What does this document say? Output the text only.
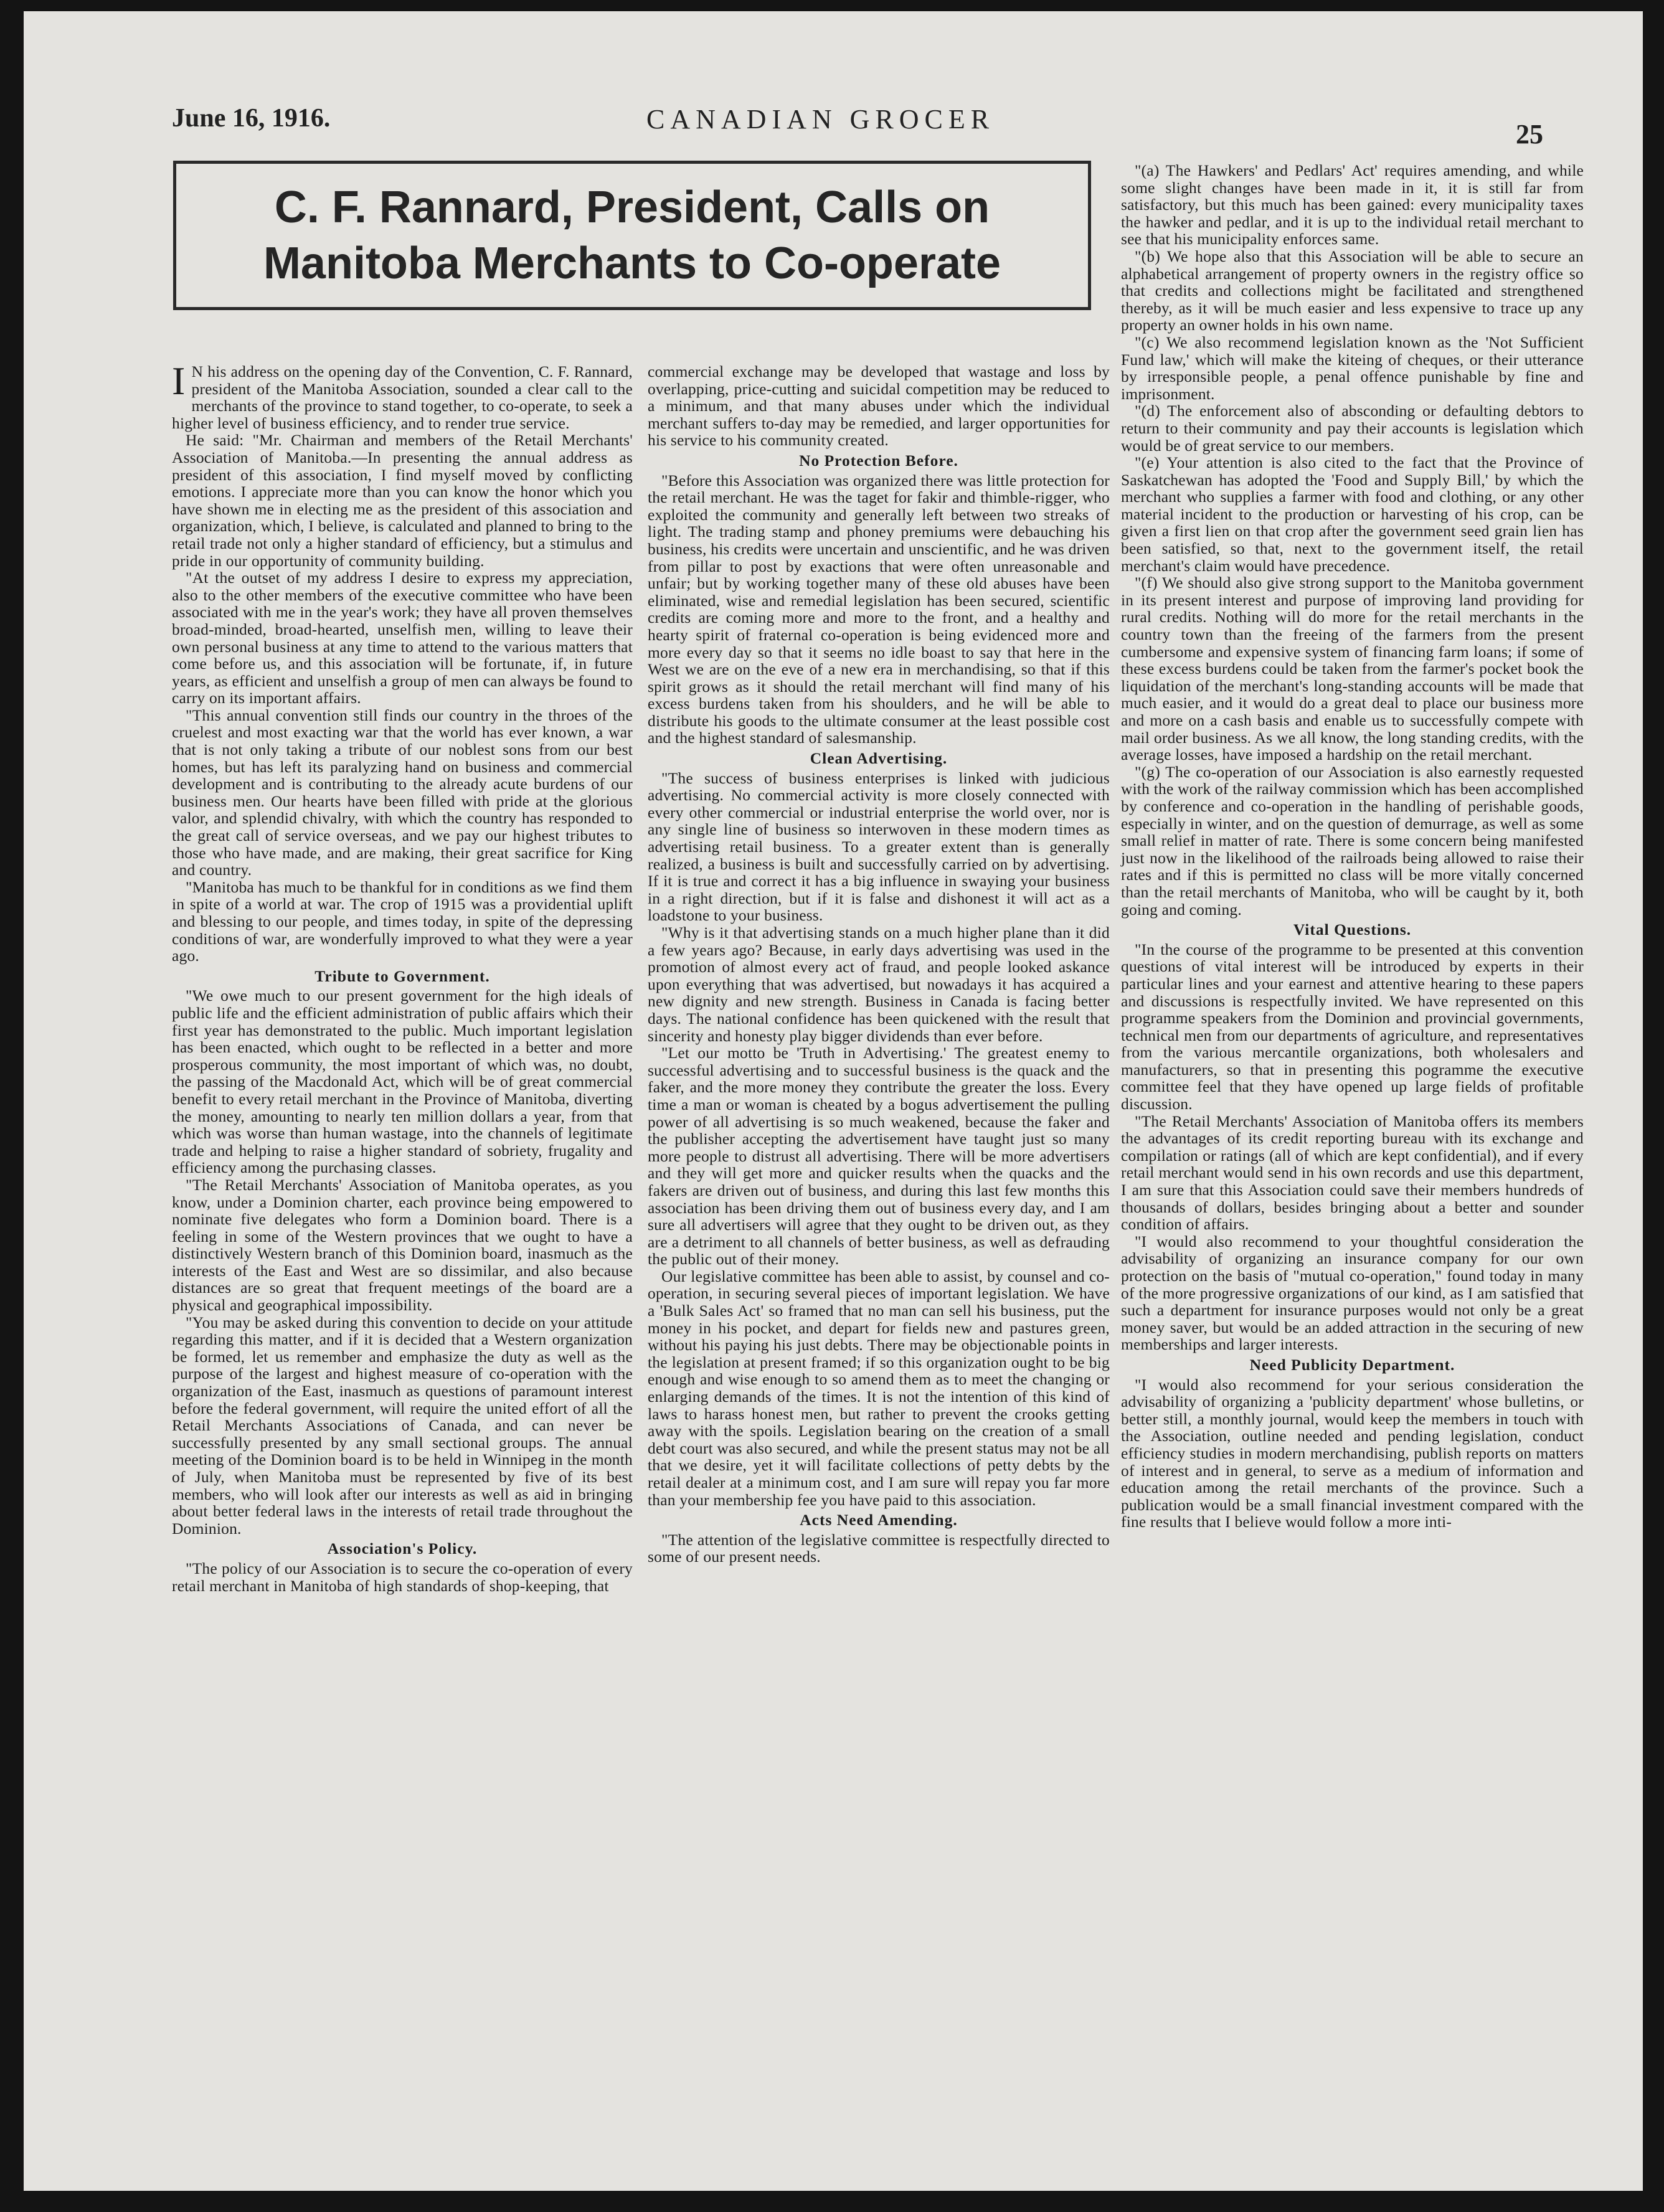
June 16, 1916.	CANADIAN GROCER	25
C. F. Rannard, President, Calls on
Manitoba Merchants to Co-operate

I N his address on the opening day of the Convention, C. F. Rannard, president of the Manitoba Association, sounded a clear call to the merchants of the province to stand together, to co-operate, to seek a higher level of business efficiency, and to render true service.

He said: "Mr. Chairman and members of the Retail Merchants' Association of Manitoba.—In presenting the annual address as president of this association, I find myself moved by conflicting emotions. I appreciate more than you can know the honor which you have shown me in electing me as the president of this association and organization, which, I believe, is calculated and planned to bring to the retail trade not only a higher standard of efficiency, but a stimulus and pride in our opportunity of community building.

"At the outset of my address I desire to express my appreciation, also to the other members of the executive committee who have been associated with me in the year's work; they have all proven themselves broad-minded, broad-hearted, unselfish men, willing to leave their own personal business at any time to attend to the various matters that come before us, and this association will be fortunate, if, in future years, as efficient and unselfish a group of men can always be found to carry on its important affairs.

"This annual convention still finds our country in the throes of the cruelest and most exacting war that the world has ever known, a war that is not only taking a tribute of our noblest sons from our best homes, but has left its paralyzing hand on business and commercial development and is contributing to the already acute burdens of our business men. Our hearts have been filled with pride at the glorious valor, and splendid chivalry, with which the country has responded to the great call of service overseas, and we pay our highest tributes to those who have made, and are making, their great sacrifice for King and country.

"Manitoba has much to be thankful for in conditions as we find them in spite of a world at war. The crop of 1915 was a providential uplift and blessing to our people, and times today, in spite of the depressing conditions of war, are wonderfully improved to what they were a year ago.

Tribute to Government.

"We owe much to our present government for the high ideals of public life and the efficient administration of public affairs which their first year has demonstrated to the public. Much important legislation has been enacted, which ought to be reflected in a better and more prosperous community, the most important of which was, no doubt, the passing of the Macdonald Act, which will be of great commercial benefit to every retail merchant in the Province of Manitoba, diverting the money, amounting to nearly ten million dollars a year, from that which was worse than human wastage, into the channels of legitimate trade and helping to raise a higher standard of sobriety, frugality and efficiency among the purchasing classes.

"The Retail Merchants' Association of Manitoba operates, as you know, under a Dominion charter, each province being empowered to nominate five delegates who form a Dominion board. There is a feeling in some of the Western provinces that we ought to have a distinctively Western branch of this Dominion board, inasmuch as the interests of the East and West are so dissimilar, and also because distances are so great that frequent meetings of the board are a physical and geographical impossibility.

"You may be asked during this convention to decide on your attitude regarding this matter, and if it is decided that a Western organization be formed, let us remember and emphasize the duty as well as the purpose of the largest and highest measure of co-operation with the organization of the East, inasmuch as questions of paramount interest before the federal government, will require the united effort of all the Retail Merchants Associations of Canada, and can never be successfully presented by any small sectional groups. The annual meeting of the Dominion board is to be held in Winnipeg in the month of July, when Manitoba must be represented by five of its best members, who will look after our interests as well as aid in bringing about better federal laws in the interests of retail trade throughout the Dominion.

Association's Policy.

"The policy of our Association is to secure the co-operation of every retail merchant in Manitoba of high standards of shop-keeping, that

commercial exchange may be developed that wastage and loss by overlapping, price-cutting and suicidal competition may be reduced to a minimum, and that many abuses under which the individual merchant suffers to-day may be remedied, and larger opportunities for his service to his community created.

No Protection Before.

"Before this Association was organized there was little protection for the retail merchant. He was the taget for fakir and thimble-rigger, who exploited the community and generally left between two streaks of light. The trading stamp and phoney premiums were debauching his business, his credits were uncertain and unscientific, and he was driven from pillar to post by exactions that were often unreasonable and unfair; but by working together many of these old abuses have been eliminated, wise and remedial legislation has been secured, scientific credits are coming more and more to the front, and a healthy and hearty spirit of fraternal co-operation is being evidenced more and more every day so that it seems no idle boast to say that here in the West we are on the eve of a new era in merchandising, so that if this spirit grows as it should the retail merchant will find many of his excess burdens taken from his shoulders, and he will be able to distribute his goods to the ultimate consumer at the least possible cost and the highest standard of salesmanship.

Clean Advertising.

"The success of business enterprises is linked with judicious advertising. No commercial activity is more closely connected with every other commercial or industrial enterprise the world over, nor is any single line of business so interwoven in these modern times as advertising retail business. To a greater extent than is generally realized, a business is built and successfully carried on by advertising. If it is true and correct it has a big influence in swaying your business in a right direction, but if it is false and dishonest it will act as a loadstone to your business.

"Why is it that advertising stands on a much higher plane than it did a few years ago? Because, in early days advertising was used in the promotion of almost every act of fraud, and people looked askance upon everything that was advertised, but nowadays it has acquired a new dignity and new strength. Business in Canada is facing better days. The national confidence has been quickened with the result that sincerity and honesty play bigger dividends than ever before.

"Let our motto be 'Truth in Advertising.' The greatest enemy to successful advertising and to successful business is the quack and the faker, and the more money they contribute the greater the loss. Every time a man or woman is cheated by a bogus advertisement the pulling power of all advertising is so much weakened, because the faker and the publisher accepting the advertisement have taught just so many more people to distrust all advertising. There will be more advertisers and they will get more and quicker results when the quacks and the fakers are driven out of business, and during this last few months this association has been driving them out of business every day, and I am sure all advertisers will agree that they ought to be driven out, as they are a detriment to all channels of better business, as well as defrauding the public out of their money.

Our legislative committee has been able to assist, by counsel and co-operation, in securing several pieces of important legislation. We have a 'Bulk Sales Act' so framed that no man can sell his business, put the money in his pocket, and depart for fields new and pastures green, without his paying his just debts. There may be objectionable points in the legislation at present framed; if so this organization ought to be big enough and wise enough to so amend them as to meet the changing or enlarging demands of the times. It is not the intention of this kind of laws to harass honest men, but rather to prevent the crooks getting away with the spoils. Legislation bearing on the creation of a small debt court was also secured, and while the present status may not be all that we desire, yet it will facilitate collections of petty debts by the retail dealer at a minimum cost, and I am sure will repay you far more than your membership fee you have paid to this association.

Acts Need Amending.

"The attention of the legislative committee is respectfully directed to some of our present needs.

"(a) The Hawkers' and Pedlars' Act' requires amending, and while some slight changes have been made in it, it is still far from satisfactory, but this much has been gained: every municipality taxes the hawker and pedlar, and it is up to the individual retail merchant to see that his municipality enforces same.

"(b) We hope also that this Association will be able to secure an alphabetical arrangement of property owners in the registry office so that credits and collections might be facilitated and strengthened thereby, as it will be much easier and less expensive to trace up any property an owner holds in his own name.

"(c) We also recommend legislation known as the 'Not Sufficient Fund law,' which will make the kiteing of cheques, or their utterance by irresponsible people, a penal offence punishable by fine and imprisonment.

"(d) The enforcement also of absconding or defaulting debtors to return to their community and pay their accounts is legislation which would be of great service to our members.

"(e) Your attention is also cited to the fact that the Province of Saskatchewan has adopted the 'Food and Supply Bill,' by which the merchant who supplies a farmer with food and clothing, or any other material incident to the production or harvesting of his crop, can be given a first lien on that crop after the government seed grain lien has been satisfied, so that, next to the government itself, the retail merchant's claim would have precedence.

"(f) We should also give strong support to the Manitoba government in its present interest and purpose of improving land providing for rural credits. Nothing will do more for the retail merchants in the country town than the freeing of the farmers from the present cumbersome and expensive system of financing farm loans; if some of these excess burdens could be taken from the farmer's pocket book the liquidation of the merchant's long-standing accounts will be made that much easier, and it would do a great deal to place our business more and more on a cash basis and enable us to successfully compete with mail order business. As we all know, the long standing credits, with the average losses, have imposed a hardship on the retail merchant.

"(g) The co-operation of our Association is also earnestly requested with the work of the railway commission which has been accomplished by conference and co-operation in the handling of perishable goods, especially in winter, and on the question of demurrage, as well as some small relief in matter of rate. There is some concern being manifested just now in the likelihood of the railroads being allowed to raise their rates and if this is permitted no class will be more vitally concerned than the retail merchants of Manitoba, who will be caught by it, both going and coming.

Vital Questions.

"In the course of the programme to be presented at this convention questions of vital interest will be introduced by experts in their particular lines and your earnest and attentive hearing to these papers and discussions is respectfully invited. We have represented on this programme speakers from the Dominion and provincial governments, technical men from our departments of agriculture, and representatives from the various mercantile organizations, both wholesalers and manufacturers, so that in presenting this pogramme the executive committee feel that they have opened up large fields of profitable discussion.

"The Retail Merchants' Association of Manitoba offers its members the advantages of its credit reporting bureau with its exchange and compilation or ratings (all of which are kept confidential), and if every retail merchant would send in his own records and use this department, I am sure that this Association could save their members hundreds of thousands of dollars, besides bringing about a better and sounder condition of affairs.

"I would also recommend to your thoughtful consideration the advisability of organizing an insurance company for our own protection on the basis of "mutual co-operation," found today in many of the more progressive organizations of our kind, as I am satisfied that such a department for insurance purposes would not only be a great money saver, but would be an added attraction in the securing of new memberships and larger interests.

Need Publicity Department.

"I would also recommend for your serious consideration the advisability of organizing a 'publicity department' whose bulletins, or better still, a monthly journal, would keep the members in touch with the Association, outline needed and pending legislation, conduct efficiency studies in modern merchandising, publish reports on matters of interest and in general, to serve as a medium of information and education among the retail merchants of the province. Such a publication would be a small financial investment compared with the fine results that I believe would follow a more inti-
